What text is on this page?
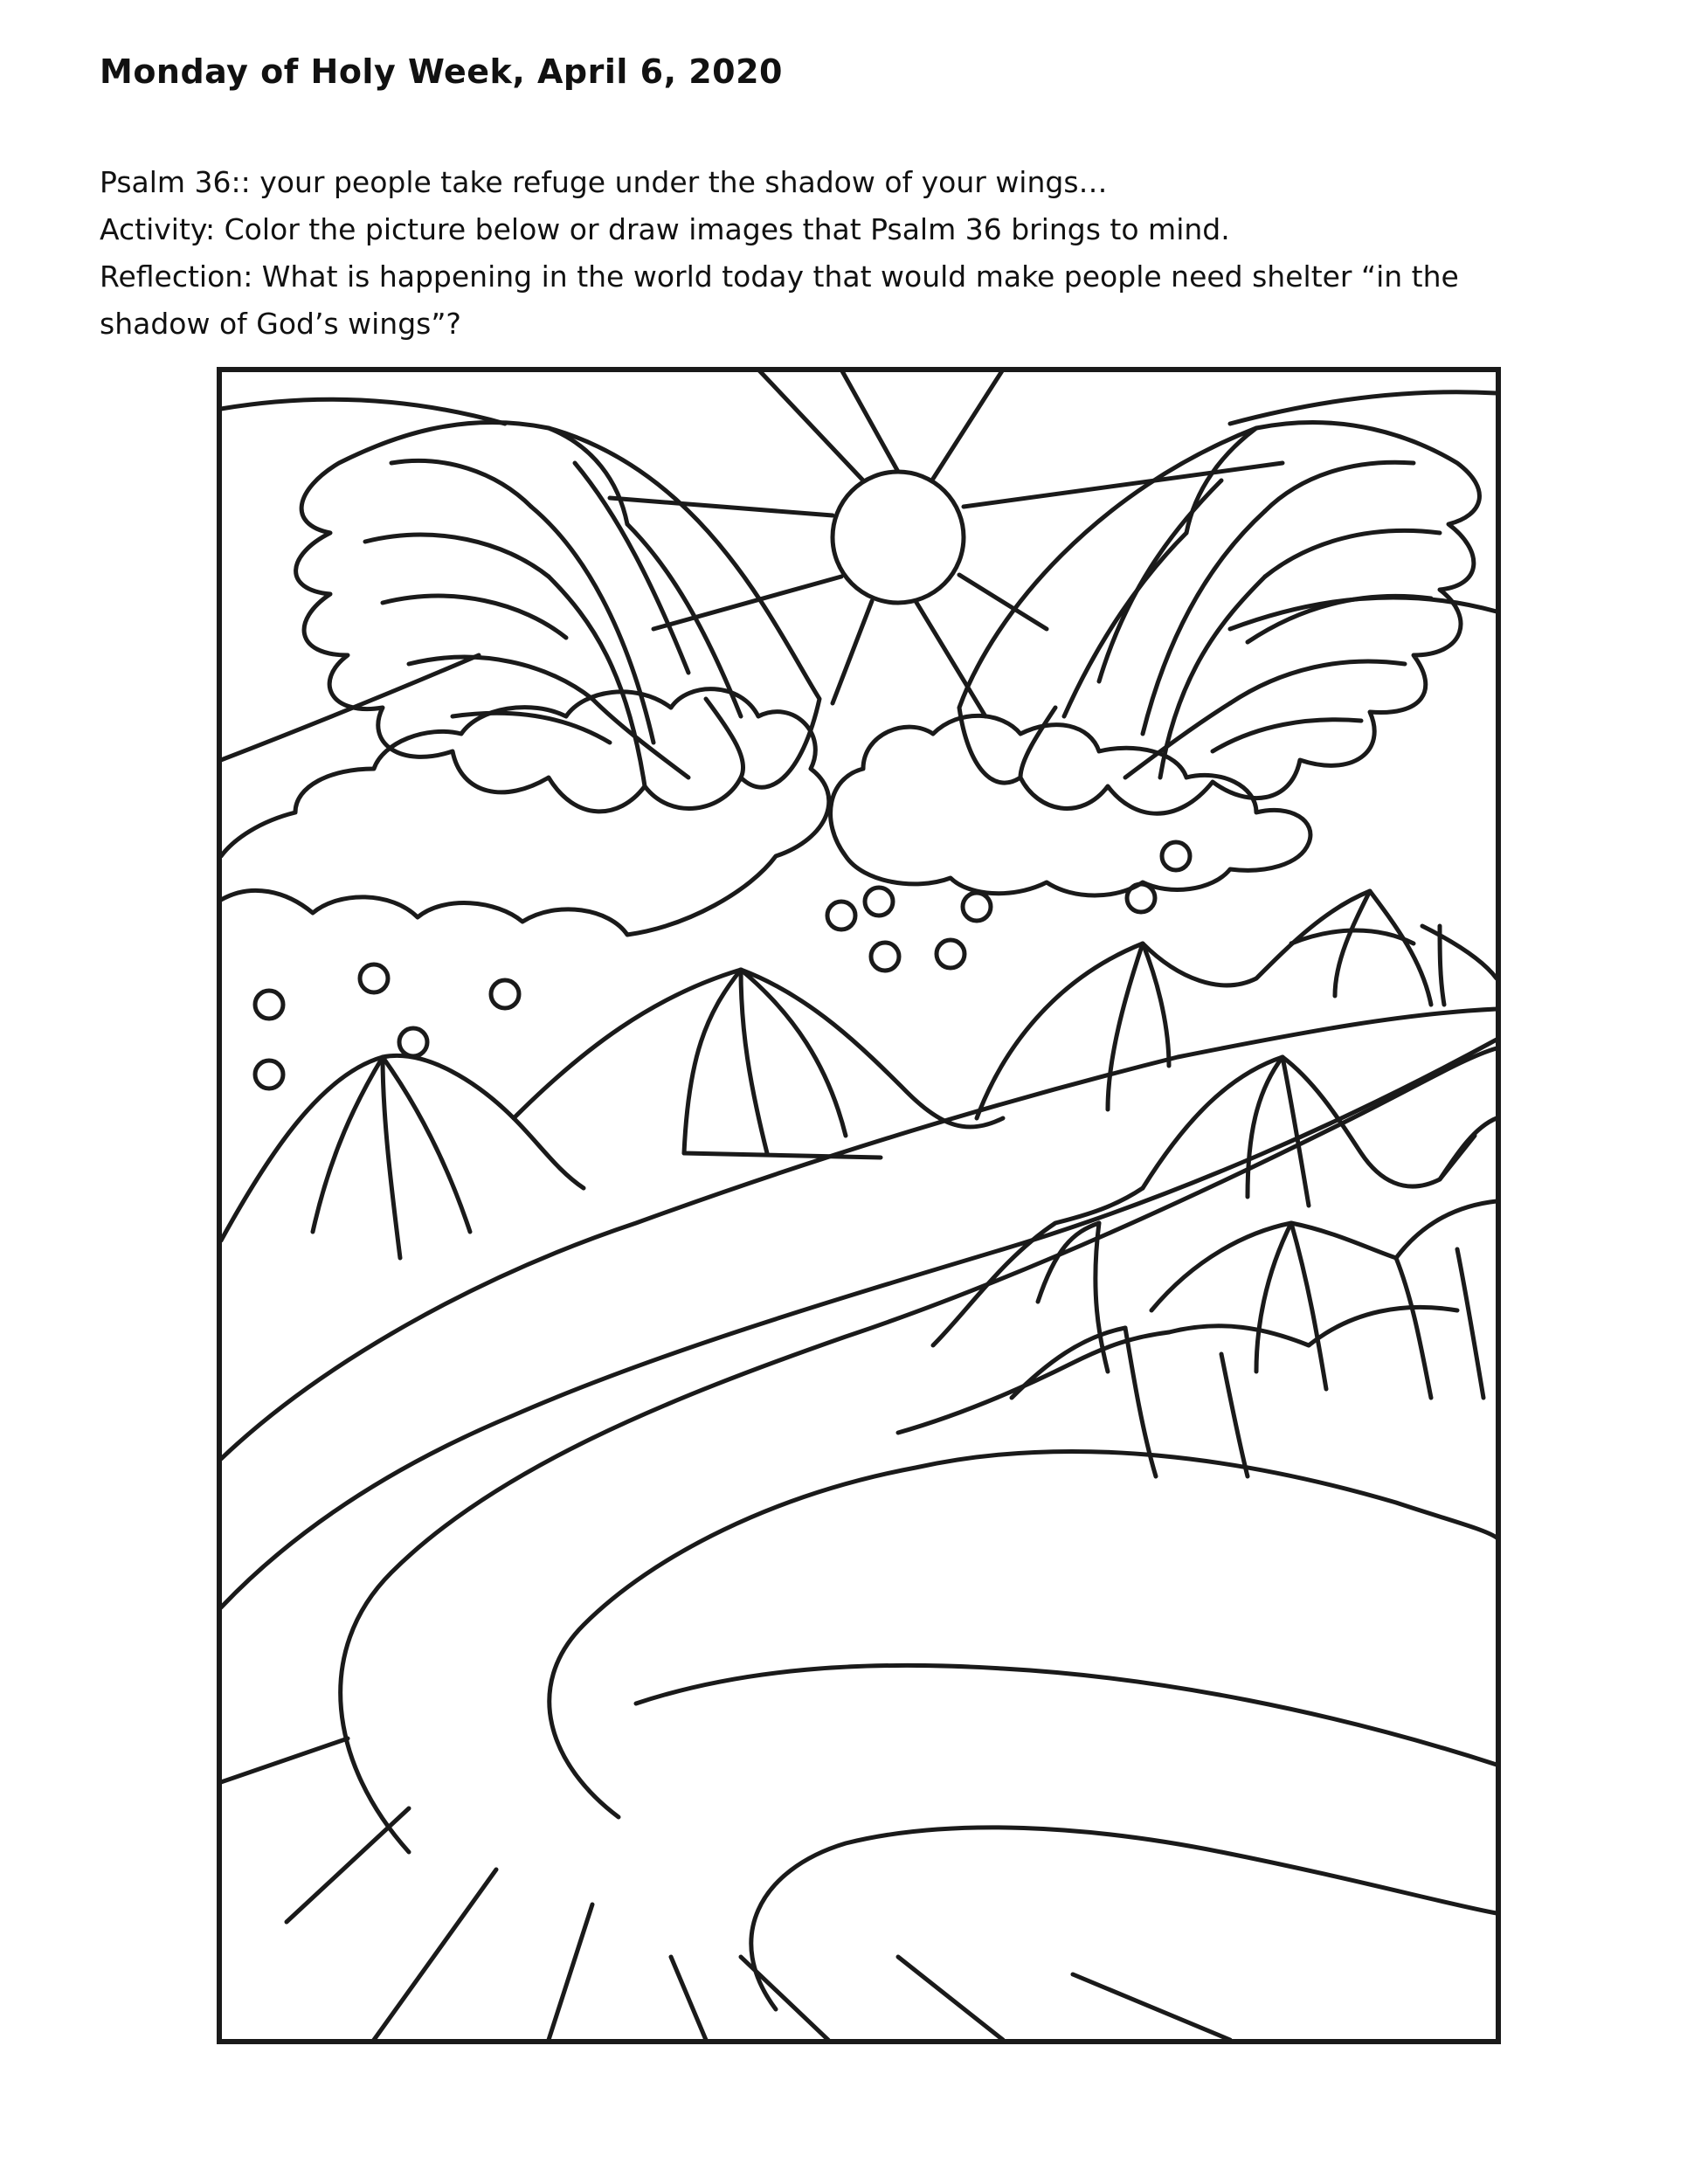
Monday of Holy Week, April 6, 2020
Psalm 36:: your people take refuge under the shadow of your wings…
Activity: Color the picture below or draw images that Psalm 36 brings to mind.
Reflection: What is happening in the world today that would make people need shelter “in the
shadow of God’s wings”?
